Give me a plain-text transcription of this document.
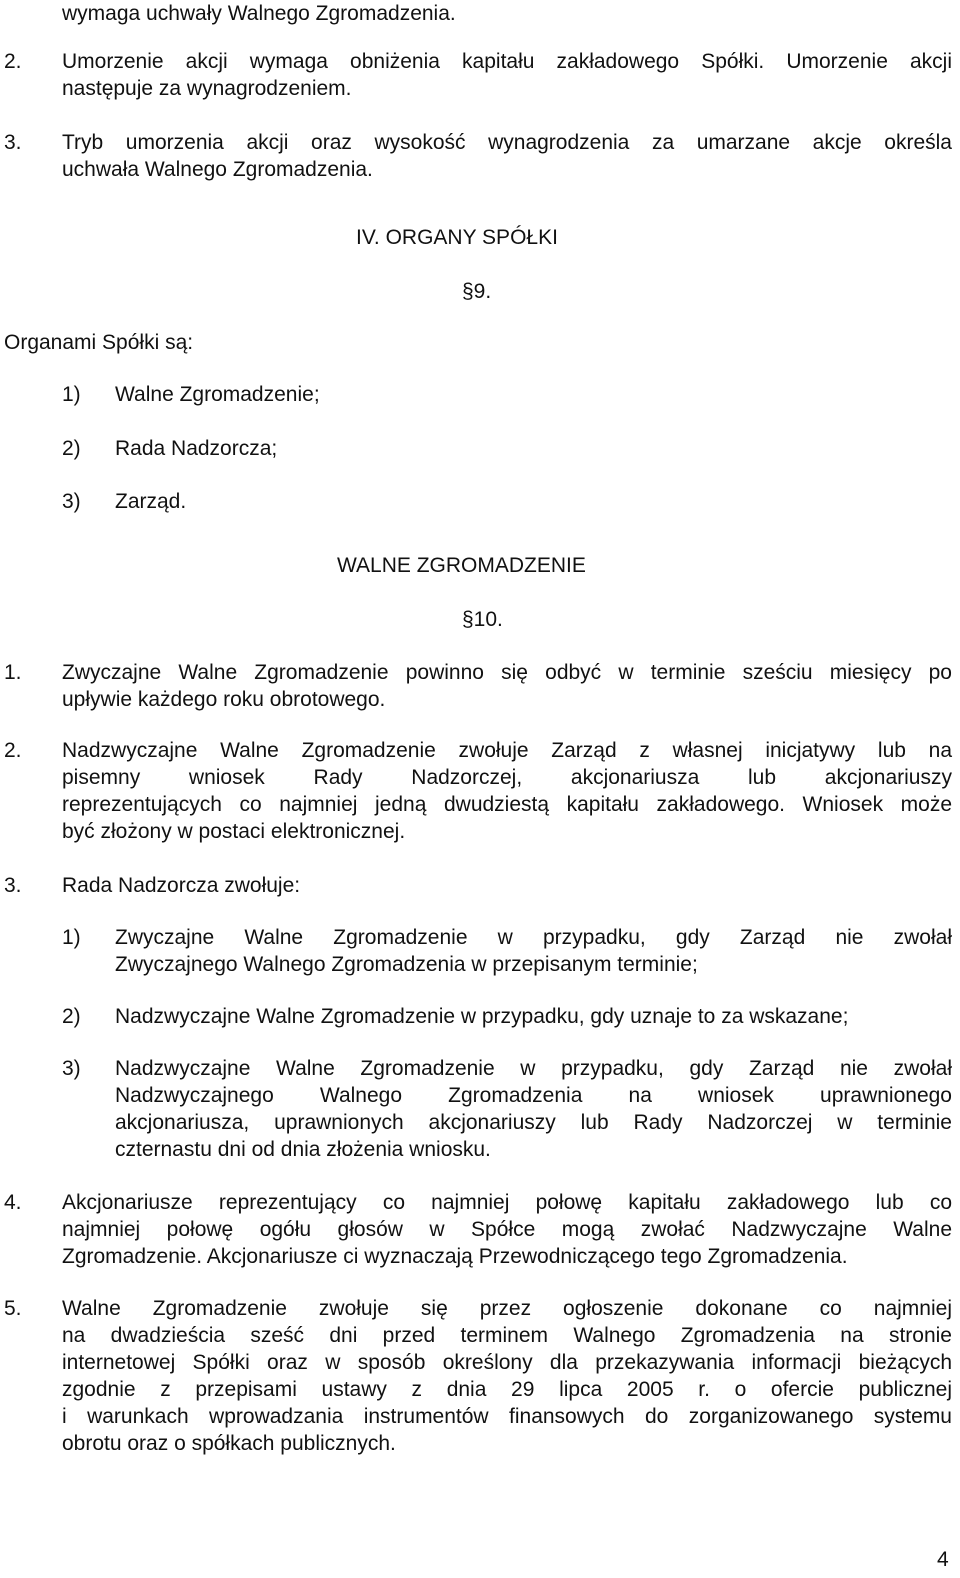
wymaga uchwały Walnego Zgromadzenia.
2. Umorzenie akcji wymaga obniżenia kapitału zakładowego Spółki. Umorzenie akcji
następuje za wynagrodzeniem.
3. Tryb umorzenia akcji oraz wysokość wynagrodzenia za umarzane akcje określa
uchwała Walnego Zgromadzenia.
IV. ORGANY SPÓŁKI
§9.
Organami Spółki są:
1) Walne Zgromadzenie;
2) Rada Nadzorcza;
3) Zarząd.
WALNE ZGROMADZENIE
§10.
1. Zwyczajne Walne Zgromadzenie powinno się odbyć w terminie sześciu miesięcy po
upływie każdego roku obrotowego.
2. Nadzwyczajne Walne Zgromadzenie zwołuje Zarząd z własnej inicjatywy lub na
pisemny wniosek Rady Nadzorczej, akcjonariusza lub akcjonariuszy
reprezentujących co najmniej jedną dwudziestą kapitału zakładowego. Wniosek może
być złożony w postaci elektronicznej.
3. Rada Nadzorcza zwołuje:
1) Zwyczajne Walne Zgromadzenie w przypadku, gdy Zarząd nie zwołał
Zwyczajnego Walnego Zgromadzenia w przepisanym terminie;
2) Nadzwyczajne Walne Zgromadzenie w przypadku, gdy uznaje to za wskazane;
3) Nadzwyczajne Walne Zgromadzenie w przypadku, gdy Zarząd nie zwołał
Nadzwyczajnego Walnego Zgromadzenia na wniosek uprawnionego
akcjonariusza, uprawnionych akcjonariuszy lub Rady Nadzorczej w terminie
czternastu dni od dnia złożenia wniosku.
4. Akcjonariusze reprezentujący co najmniej połowę kapitału zakładowego lub co
najmniej połowę ogółu głosów w Spółce mogą zwołać Nadzwyczajne Walne
Zgromadzenie. Akcjonariusze ci wyznaczają Przewodniczącego tego Zgromadzenia.
5. Walne Zgromadzenie zwołuje się przez ogłoszenie dokonane co najmniej
na dwadzieścia sześć dni przed terminem Walnego Zgromadzenia na stronie
internetowej Spółki oraz w sposób określony dla przekazywania informacji bieżących
zgodnie z przepisami ustawy z dnia 29 lipca 2005 r. o ofercie publicznej
i warunkach wprowadzania instrumentów finansowych do zorganizowanego systemu
obrotu oraz o spółkach publicznych.
4
